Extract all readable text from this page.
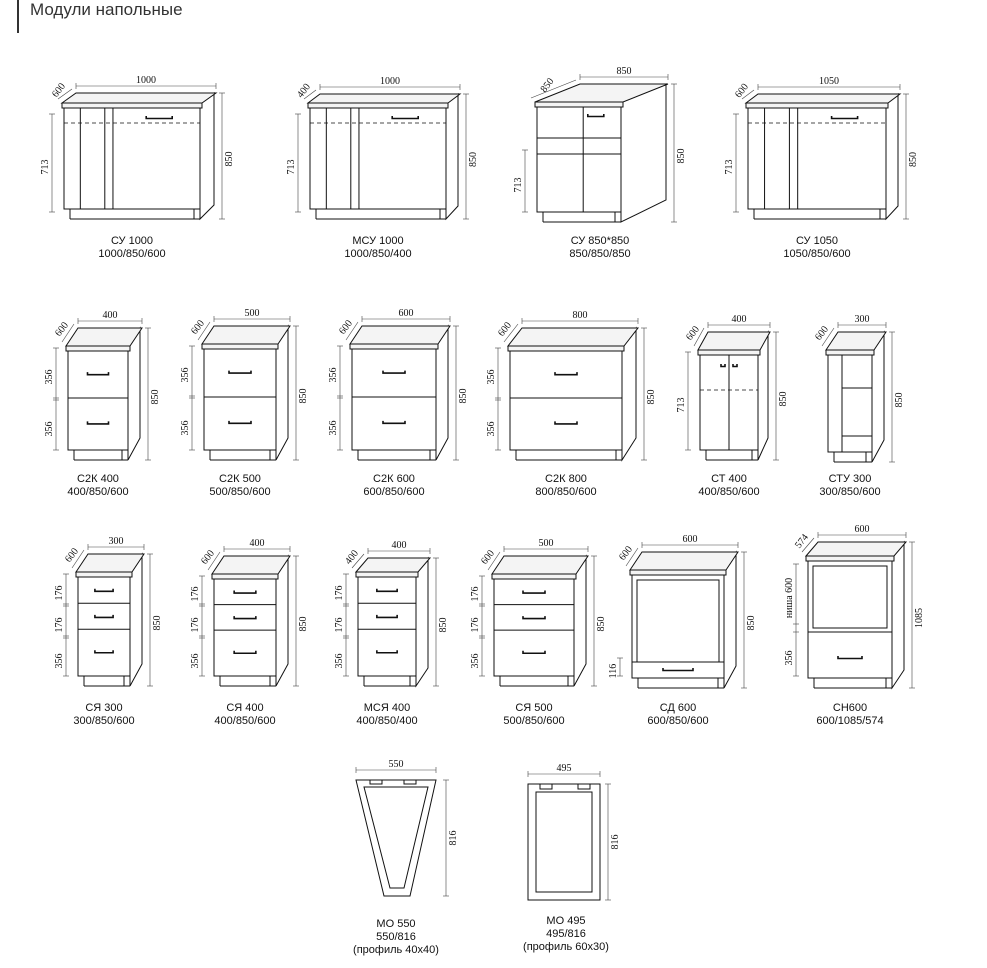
Модули напольные
1000
600
850
713
СУ 1000
1000/850/600
1000
400
850
713
МСУ 1000
1000/850/400
850
850
850
713
СУ 850*850
850/850/850
1050
600
850
713
СУ 1050
1050/850/600
400
600
850
356
356
С2К 400
400/850/600
500
600
850
356
356
С2К 500
500/850/600
600
600
850
356
356
С2К 600
600/850/600
800
600
850
356
356
С2К 800
800/850/600
400
600
850
713
СТ 400
400/850/600
300
600
850
СТУ 300
300/850/600
300
600
850
176
176
356
СЯ 300
300/850/600
400
600
850
176
176
356
СЯ 400
400/850/600
400
400
850
176
176
356
МСЯ 400
400/850/400
500
600
850
176
176
356
СЯ 500
500/850/600
600
600
850
116
СД 600
600/850/600
600
574
1085
ниша 600
356
СН600
600/1085/574
550
816
МО 550
550/816
(профиль 40х40)
495
816
МО 495
495/816
(профиль 60х30)
